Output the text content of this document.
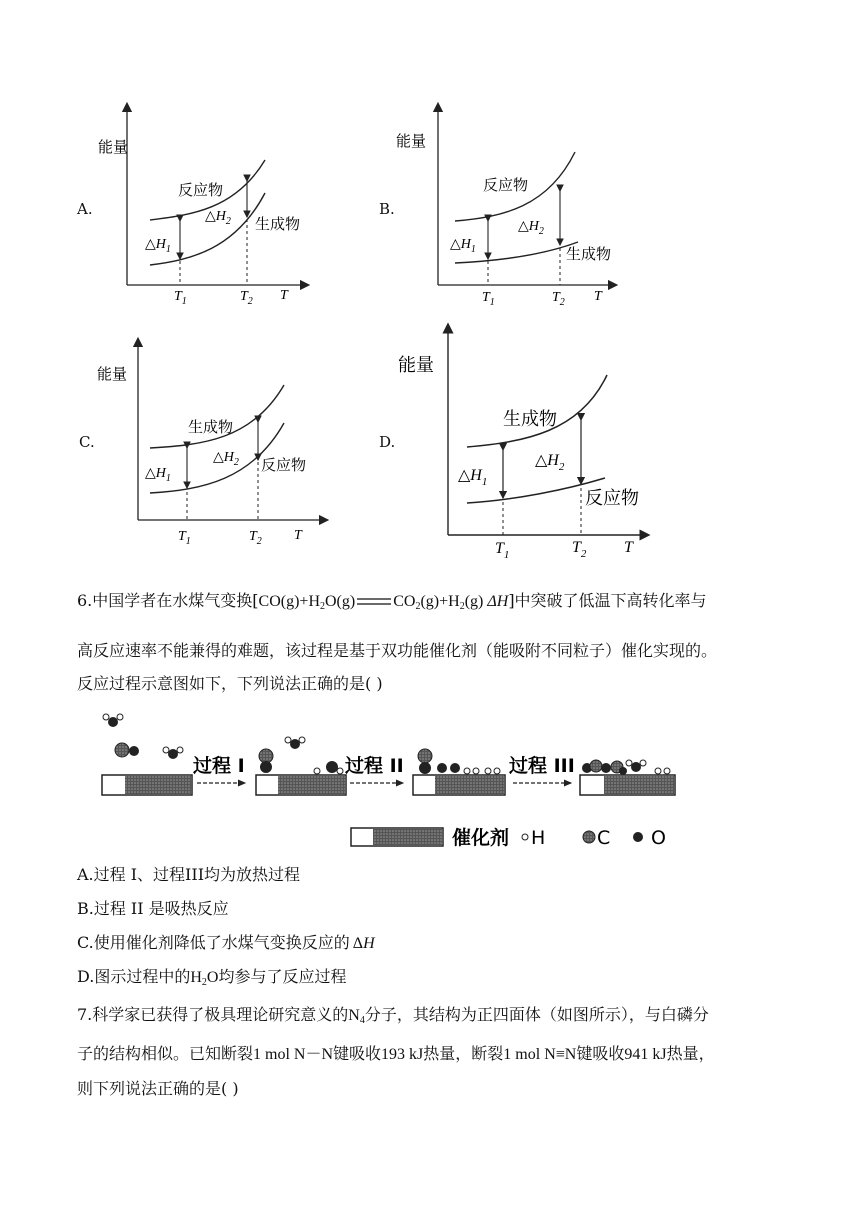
A.
能量
反应物
生成物
$\triangle H_1$
$\triangle H_2$
$T_1$	$T_2$ T
B.
能量
反应物
生成物
$\triangle H_1$
$\triangle H_2$
$T_1$	$T_2$ T
C.
能量
生成物
反应物
$\triangle H_1$
$\triangle H_2$
$T_1$	$T_2$ T
D.
能量
生成物
反应物
$\triangle H_1$
$\triangle H_2$
$T_1$	$T_2$ T
6.中国学者在水煤气变换[$CO(g)+H_2O(g)$ $CO_2(g)+H_2(g)$ ΔH]中突破了低温下高转化率与
高反应速率不能兼得的难题，该过程是基于双功能催化剂（能吸附不同粒子）催化实现的。
反应过程示意图如下，下列说法正确的是( )
过程 I	过程 II	过程 III
催化剂 H	C O
A.过程 I、过程III均为放热过程
B.过程 II 是吸热反应
C.使用催化剂降低了水煤气变换反应的 ΔH
D.图示过程中的$H_2O$均参与了反应过程
7.科学家已获得了极具理论研究意义的$N_4$分子，其结构为正四面体（如图所示），与白磷分
子的结构相似。已知断裂1 mol N－N键吸收193 kJ热量，断裂1 mol N≡N键吸收941 kJ热量，
则下列说法正确的是( )
